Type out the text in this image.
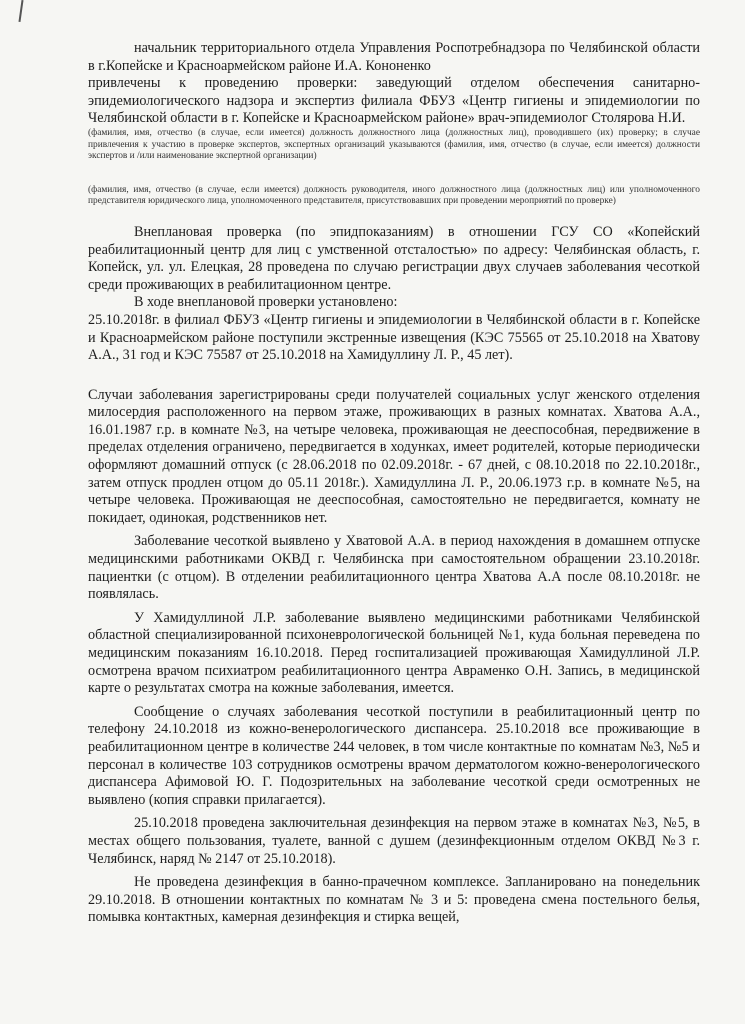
начальник территориального отдела Управления Роспотребнадзора по Челябинской области в г.Копейске и Красноармейском районе И.А. Кононенко

привлечены к проведению проверки: заведующий отделом обеспечения санитарно-эпидемиологического надзора и экспертиз филиала ФБУЗ «Центр гигиены и эпидемиологии по Челябинской области в г. Копейске и Красноармейском районе» врач-эпидемиолог Столярова Н.И.

(фамилия, имя, отчество (в случае, если имеется) должность должностного лица (должностных лиц), проводившего (их) проверку; в случае привлечения к участию в проверке экспертов, экспертных организаций указываются (фамилия, имя, отчество (в случае, если имеется) должности экспертов и /или наименование экспертной организации)

(фамилия, имя, отчество (в случае, если имеется) должность руководителя, иного должностного лица (должностных лиц) или уполномоченного представителя юридического лица, уполномоченного представителя, присутствовавших при проведении мероприятий по проверке)

Внеплановая проверка (по эпидпоказаниям) в отношении ГСУ СО «Копейский реабилитационный центр для лиц с умственной отсталостью» по адресу: Челябинская область, г. Копейск, ул. ул. Елецкая, 28 проведена по случаю регистрации двух случаев заболевания чесоткой среди проживающих в реабилитационном центре.

В ходе внеплановой проверки установлено:

25.10.2018г. в филиал ФБУЗ «Центр гигиены и эпидемиологии в Челябинской области в г. Копейске и Красноармейском районе поступили экстренные извещения (КЭС 75565 от 25.10.2018 на Хватову А.А., 31 год и КЭС 75587 от 25.10.2018 на Хамидуллину Л. Р., 45 лет).

Случаи заболевания зарегистрированы среди получателей социальных услуг женского отделения милосердия расположенного на первом этаже, проживающих в разных комнатах. Хватова А.А., 16.01.1987 г.р. в комнате №3, на четыре человека, проживающая не дееспособная, передвижение в пределах отделения ограничено, передвигается в ходунках, имеет родителей, которые периодически оформляют домашний отпуск (с 28.06.2018 по 02.09.2018г. - 67 дней, с 08.10.2018 по 22.10.2018г., затем отпуск продлен отцом до 05.11 2018г.). Хамидуллина Л. Р., 20.06.1973 г.р. в комнате №5, на четыре человека. Проживающая не дееспособная, самостоятельно не передвигается, комнату не покидает, одинокая, родственников нет.

Заболевание чесоткой выявлено у Хватовой А.А. в период нахождения в домашнем отпуске медицинскими работниками ОКВД г. Челябинска при самостоятельном обращении 23.10.2018г. пациентки (с отцом). В отделении реабилитационного центра Хватова А.А после 08.10.2018г. не появлялась.

У Хамидуллиной Л.Р. заболевание выявлено медицинскими работниками Челябинской областной специализированной психоневрологической больницей №1, куда больная переведена по медицинским показаниям 16.10.2018. Перед госпитализацией проживающая Хамидуллиной Л.Р. осмотрена врачом психиатром реабилитационного центра Авраменко О.Н. Запись, в медицинской карте о результатах смотра на кожные заболевания, имеется.

Сообщение о случаях заболевания чесоткой поступили в реабилитационный центр по телефону 24.10.2018 из кожно-венерологического диспансера. 25.10.2018 все проживающие в реабилитационном центре в количестве 244 человек, в том числе контактные по комнатам №3, №5 и персонал в количестве 103 сотрудников осмотрены врачом дерматологом кожно-венерологического диспансера Афимовой Ю. Г. Подозрительных на заболевание чесоткой среди осмотренных не выявлено (копия справки прилагается).

25.10.2018 проведена заключительная дезинфекция на первом этаже в комнатах №3, №5, в местах общего пользования, туалете, ванной с душем (дезинфекционным отделом ОКВД №3 г. Челябинск, наряд № 2147 от 25.10.2018).

Не проведена дезинфекция в банно-прачечном комплексе. Запланировано на понедельник 29.10.2018. В отношении контактных по комнатам № 3 и 5: проведена смена постельного белья, помывка контактных, камерная дезинфекция и стирка вещей,
